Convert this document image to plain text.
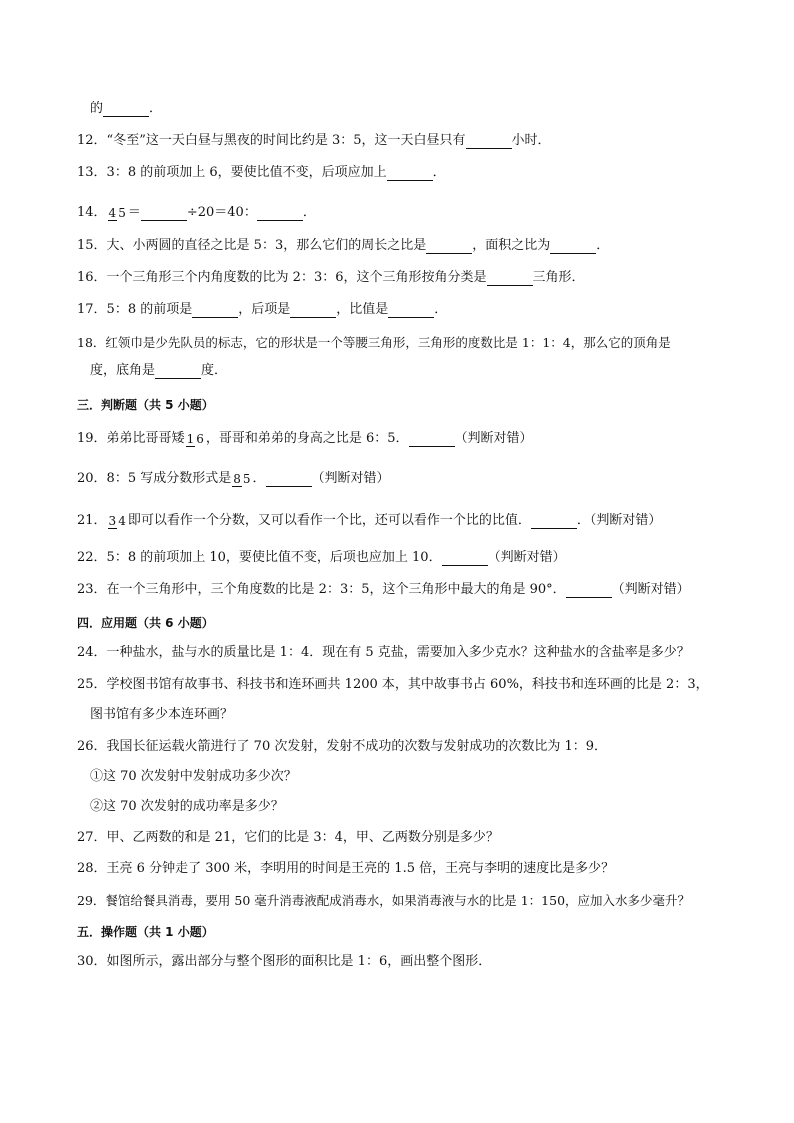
的	．
12．“冬至”这一天白昼与黑夜的时间比约是 3：5，这一天白昼只有	小时．
13．3：8 的前项加上 6，要使比值不变，后项应加上	．
14． 4 5 ＝	÷20＝40：	．
15．大、小两圆的直径之比是 5：3，那么它们的周长之比是	，面积之比为	．
16．一个三角形三个内角度数的比为 2：3：6，这个三角形按角分类是	三角形．
17．5：8 的前项是	，后项是	，比值是	．
18．红领巾是少先队员的标志，它的形状是一个等腰三角形，三角形的度数比是 1：1：4，那么它的顶角是
度，底角是	度．
三．判断题（共 5 小题）
19．弟弟比哥哥矮 1 6 ，哥哥和弟弟的身高之比是 6：5．	（判断对错）
20．8：5 写成分数形式是 8 5 ．	（判断对错）
21． 3 4 即可以看作一个分数，又可以看作一个比，还可以看作一个比的比值．	．（判断对错）
22．5：8 的前项加上 10，要使比值不变，后项也应加上 10．	（判断对错）
23．在一个三角形中，三个角度数的比是 2：3：5，这个三角形中最大的角是 90°．	（判断对错）
四．应用题（共 6 小题）
24．一种盐水，盐与水的质量比是 1：4．现在有 5 克盐，需要加入多少克水？这种盐水的含盐率是多少？
25．学校图书馆有故事书、科技书和连环画共 1200 本，其中故事书占 60%，科技书和连环画的比是 2：3，
图书馆有多少本连环画？
26．我国长征运载火箭进行了 70 次发射，发射不成功的次数与发射成功的次数比为 1：9．
①这 70 次发射中发射成功多少次？
②这 70 次发射的成功率是多少？
27．甲、乙两数的和是 21，它们的比是 3：4，甲、乙两数分别是多少？
28．王亮 6 分钟走了 300 米，李明用的时间是王亮的 1.5 倍，王亮与李明的速度比是多少？
29．餐馆给餐具消毒，要用 50 毫升消毒液配成消毒水，如果消毒液与水的比是 1：150，应加入水多少毫升？
五．操作题（共 1 小题）
30．如图所示，露出部分与整个图形的面积比是 1：6，画出整个图形．
